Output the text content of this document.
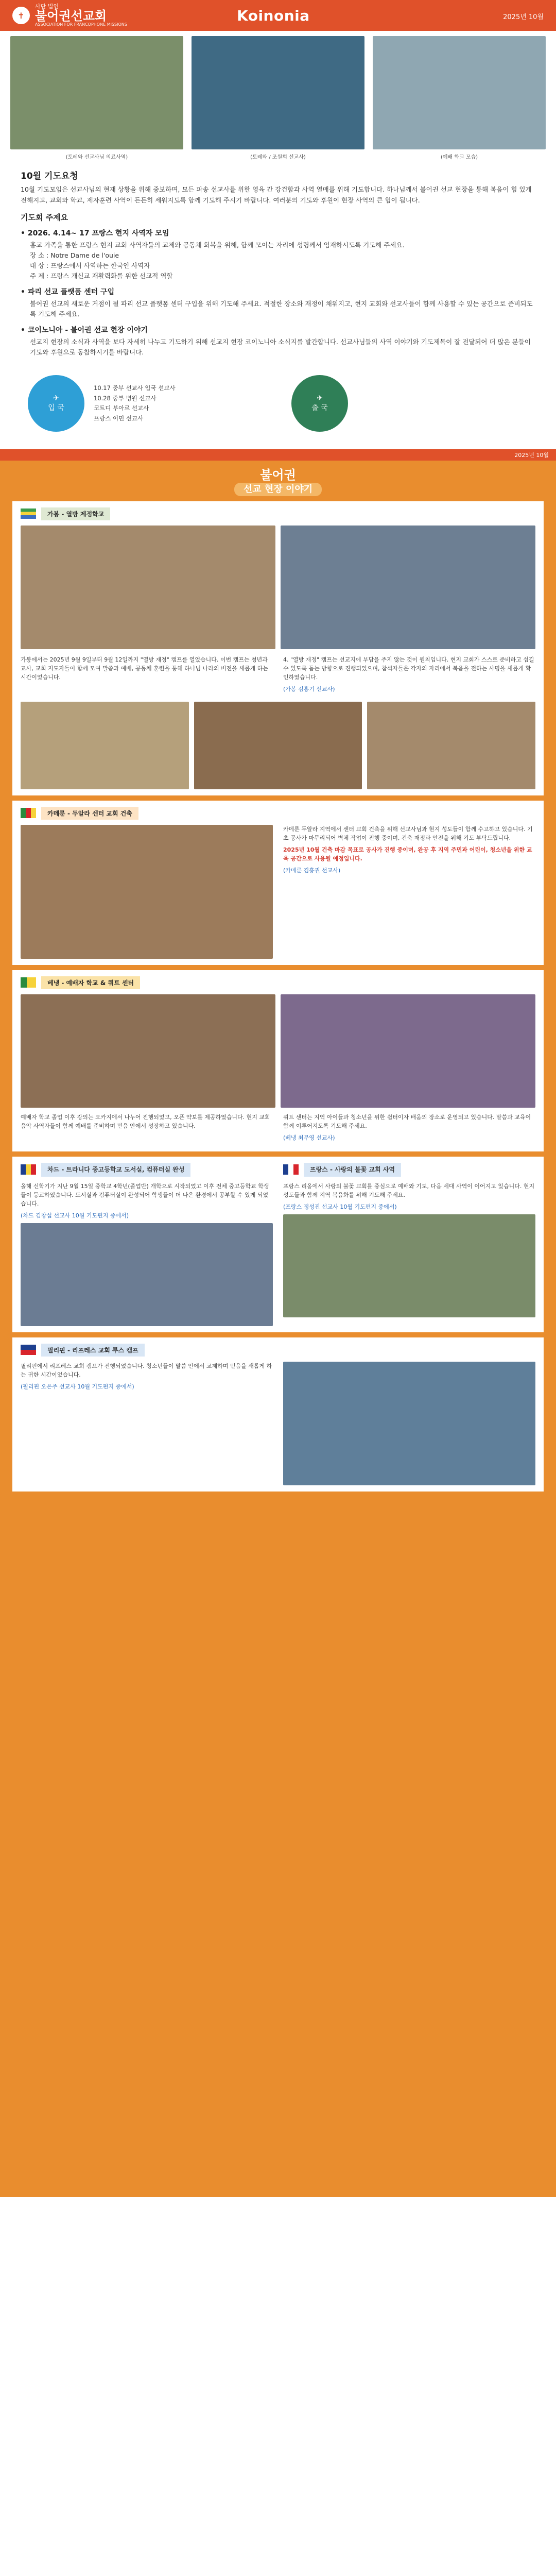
✝
사단 법인
불어권선교회
ASSOCIATION FOR FRANCOPHONE MISSIONS
Koinonia	2025년 10월
(토레와 선교사님 의료사역)	(토레와 / 조원회 선교사)	(예배 학교 모습)
10월 기도요청

10월 기도모임은 선교사님의 현재 상황을 위해 중보하며, 모든 파송 선교사를 위한 영육 간 강건함과 사역 열매를 위해 기도합니다. 하나님께서 불어권 선교 현장을 통해 복음이 힘 있게 전해지고, 교회와 학교, 제자훈련 사역이 든든히 세워지도록 함께 기도해 주시기 바랍니다. 여러분의 기도와 후원이 현장 사역의 큰 힘이 됩니다.

기도회 주제요
• 2026. 4.14~ 17 프랑스 현지 사역자 모임
홍교 가족을 통한 프랑스 현지 교회 사역자들의 교제와 공동체 회복을 위해, 함께 모이는 자리에 성령께서 임재하시도록 기도해 주세요.
장 소 : Notre Dame de l'ouie
대 상 : 프랑스에서 사역하는 한국인 사역자
주 제 : 프랑스 개신교 재활력화를 위한 선교적 역할
• 파리 선교 플랫폼 센터 구입
불어권 선교의 새로운 거점이 될 파리 선교 플랫폼 센터 구입을 위해 기도해 주세요. 적절한 장소와 재정이 채워지고, 현지 교회와 선교사들이 함께 사용할 수 있는 공간으로 준비되도록 기도해 주세요.
• 코이노니아 - 불어권 선교 현장 이야기
선교지 현장의 소식과 사역을 보다 자세히 나누고 기도하기 위해 선교지 현장 코이노니아 소식지를 발간합니다. 선교사님들의 사역 이야기와 기도제목이 잘 전달되어 더 많은 분들이 기도와 후원으로 동참하시기를 바랍니다.
✈
입 국
10.17 중부 선교사 입국 선교사
10.28 중부 병원 선교사
코트디 부아르 선교사
프랑스 이민 선교사
✈
출 국
2025년 10월
불어권
선교 현장 이야기
가봉 - 열방 제정학교

가봉에서는 2025년 9월 9일부터 9월 12일까지 "열방 재정" 캠프를 열었습니다. 이번 캠프는 청년과 교사, 교회 지도자들이 함께 모여 말씀과 예배, 공동체 훈련을 통해 하나님 나라의 비전을 새롭게 하는 시간이었습니다.

4. "열방 재정" 캠프는 선교지에 부담을 주지 않는 것이 원칙입니다. 현지 교회가 스스로 준비하고 섬길 수 있도록 돕는 방향으로 진행되었으며, 참석자들은 각자의 자리에서 복음을 전하는 사명을 새롭게 확인하였습니다.

(가봉 김홍기 선교사)

카메룬 - 두알라 센터 교회 건축

카메룬 두알라 지역에서 센터 교회 건축을 위해 선교사님과 현지 성도들이 함께 수고하고 있습니다. 기초 공사가 마무리되어 벽체 작업이 진행 중이며, 건축 재정과 안전을 위해 기도 부탁드립니다.

2025년 10월 건축 마감 목표로 공사가 진행 중이며, 완공 후 지역 주민과 어린이, 청소년을 위한 교육 공간으로 사용될 예정입니다.

(카메룬 김흥권 선교사)

베냉 - 예배자 학교 & 쿼트 센터

예배자 학교 졸업 이후 강의는 오카지에서 나누어 진행되었고, 오픈 약보를 제공하였습니다. 현지 교회 음악 사역자들이 함께 예배를 준비하며 믿음 안에서 성장하고 있습니다.

쿼트 센터는 지역 아이들과 청소년을 위한 쉼터이자 배움의 장소로 운영되고 있습니다. 말씀과 교육이 함께 이루어지도록 기도해 주세요.

(베냉 최무영 선교사)

차드 - 트라니다 중고등학교 도서실, 컴퓨터실 완성

올해 신학기가 지난 9월 15일 중학교 4학년(졸업반) 개학으로 시작되었고 이후 전체 중고등학교 학생들이 등교하였습니다. 도서실과 컴퓨터실이 완성되어 학생들이 더 나은 환경에서 공부할 수 있게 되었습니다.

(차드 김창섭 선교사 10월 기도편지 중에서)

프랑스 - 사랑의 불꽃 교회 사역

프랑스 리옹에서 사랑의 불꽃 교회를 중심으로 예배와 기도, 다음 세대 사역이 이어지고 있습니다. 현지 성도들과 함께 지역 복음화를 위해 기도해 주세요.

(프랑스 정성진 선교사 10월 기도편지 중에서)

필리핀 - 리프레스 교회 투스 캠프

필리핀에서 리프레스 교회 캠프가 진행되었습니다. 청소년들이 말씀 안에서 교제하며 믿음을 새롭게 하는 귀한 시간이었습니다.

(필리핀 오은주 선교사 10월 기도편지 중에서)
